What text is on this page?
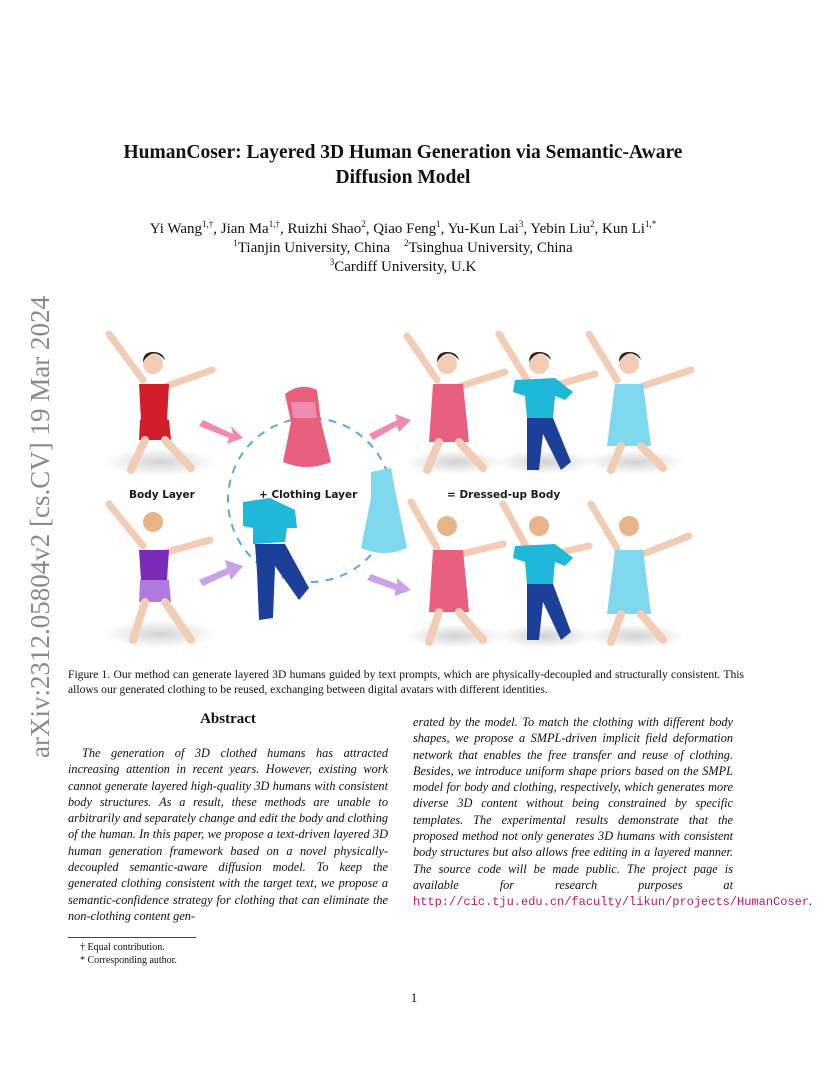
arXiv:2312.05804v2 [cs.CV] 19 Mar 2024
HumanCoser: Layered 3D Human Generation via Semantic-Aware
Diffusion Model
Yi Wang$^{1,\dagger}$, Jian $Ma^{1,\dagger}$, Ruizhi Shao$^2$, Qiao Feng$^1$, Yu-Kun Lai$^3$, Yebin Liu$^2$, Kun $Li^{1,*}$
$^1$Tianjin University, China $^2$Tsinghua University, China
$^3$Cardiff University, U.K
Body Layer	+ Clothing Layer	= Dressed-up Body
Figure 1. Our method can generate layered 3D humans guided by text prompts, which are physically-decoupled and structurally consistent. This allows our generated clothing to be reused, exchanging between digital avatars with different identities.
Abstract
The generation of 3D clothed humans has attracted increasing attention in recent years. However, existing work cannot generate layered high-quality 3D humans with consistent body structures. As a result, these methods are unable to arbitrarily and separately change and edit the body and clothing of the human. In this paper, we propose a text-driven layered 3D human generation framework based on a novel physically-decoupled semantic-aware diffusion model. To keep the generated clothing consistent with the target text, we propose a semantic-confidence strategy for clothing that can eliminate the non-clothing content gen-
erated by the model. To match the clothing with different body shapes, we propose a SMPL-driven implicit field deformation network that enables the free transfer and reuse of clothing. Besides, we introduce uniform shape priors based on the SMPL model for body and clothing, respectively, which generates more diverse 3D content without being constrained by specific templates. The experimental results demonstrate that the proposed method not only generates 3D humans with consistent body structures but also allows free editing in a layered manner. The source code will be made public. The project page is available for research purposes at http://cic.tju.edu.cn/faculty/likun/projects/HumanCoser.
† Equal contribution.
* Corresponding author.
1
